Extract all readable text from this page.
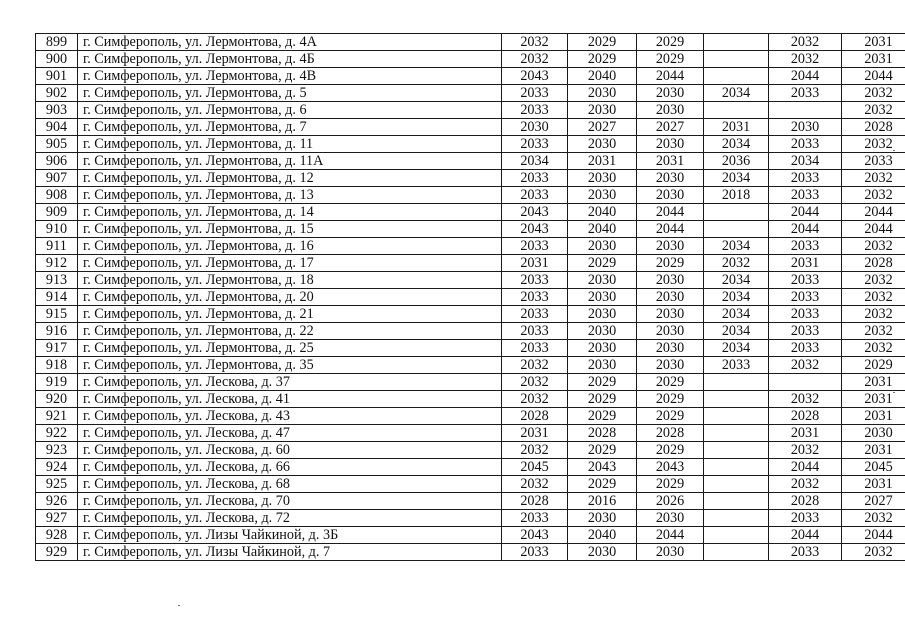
899	г. Симферополь, ул. Лермонтова, д. 4А	2032	2029	2029		2032	2031
900	г. Симферополь, ул. Лермонтова, д. 4Б	2032	2029	2029		2032	2031
901	г. Симферополь, ул. Лермонтова, д. 4В	2043	2040	2044		2044	2044
902	г. Симферополь, ул. Лермонтова, д. 5	2033	2030	2030	2034	2033	2032
903	г. Симферополь, ул. Лермонтова, д. 6	2033	2030	2030			2032
904	г. Симферополь, ул. Лермонтова, д. 7	2030	2027	2027	2031	2030	2028
905	г. Симферополь, ул. Лермонтова, д. 11	2033	2030	2030	2034	2033	2032
906	г. Симферополь, ул. Лермонтова, д. 11А	2034	2031	2031	2036	2034	2033
907	г. Симферополь, ул. Лермонтова, д. 12	2033	2030	2030	2034	2033	2032
908	г. Симферополь, ул. Лермонтова, д. 13	2033	2030	2030	2018	2033	2032
909	г. Симферополь, ул. Лермонтова, д. 14	2043	2040	2044		2044	2044
910	г. Симферополь, ул. Лермонтова, д. 15	2043	2040	2044		2044	2044
911	г. Симферополь, ул. Лермонтова, д. 16	2033	2030	2030	2034	2033	2032
912	г. Симферополь, ул. Лермонтова, д. 17	2031	2029	2029	2032	2031	2028
913	г. Симферополь, ул. Лермонтова, д. 18	2033	2030	2030	2034	2033	2032
914	г. Симферополь, ул. Лермонтова, д. 20	2033	2030	2030	2034	2033	2032
915	г. Симферополь, ул. Лермонтова, д. 21	2033	2030	2030	2034	2033	2032
916	г. Симферополь, ул. Лермонтова, д. 22	2033	2030	2030	2034	2033	2032
917	г. Симферополь, ул. Лермонтова, д. 25	2033	2030	2030	2034	2033	2032
918	г. Симферополь, ул. Лермонтова, д. 35	2032	2030	2030	2033	2032	2029
919	г. Симферополь, ул. Лескова, д. 37	2032	2029	2029			2031
920	г. Симферополь, ул. Лескова, д. 41	2032	2029	2029		2032	2031
921	г. Симферополь, ул. Лескова, д. 43	2028	2029	2029		2028	2031
922	г. Симферополь, ул. Лескова, д. 47	2031	2028	2028		2031	2030
923	г. Симферополь, ул. Лескова, д. 60	2032	2029	2029		2032	2031
924	г. Симферополь, ул. Лескова, д. 66	2045	2043	2043		2044	2045
925	г. Симферополь, ул. Лескова, д. 68	2032	2029	2029		2032	2031
926	г. Симферополь, ул. Лескова, д. 70	2028	2016	2026		2028	2027
927	г. Симферополь, ул. Лескова, д. 72	2033	2030	2030		2033	2032
928	г. Симферополь, ул. Лизы Чайкиной, д. 3Б	2043	2040	2044		2044	2044
929	г. Симферополь, ул. Лизы Чайкиной, д. 7	2033	2030	2030		2033	2032
